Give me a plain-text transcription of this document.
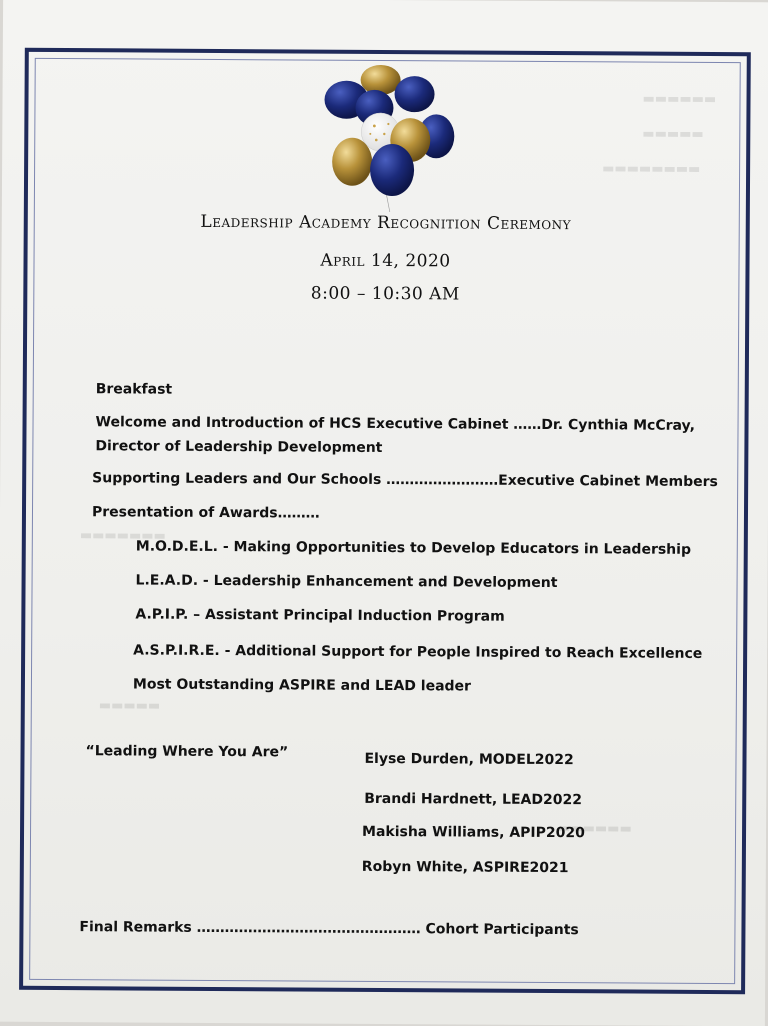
▬▬▬▬▬▬
▬▬▬▬▬
▬▬▬▬▬▬▬▬
▬▬▬▬▬▬▬
▬▬▬▬▬
▬▬▬▬▬▬
Leadership Academy Recognition Ceremony
April 14, 2020
8:00 – 10:30 AM
Breakfast
Welcome and Introduction of HCS Executive Cabinet ……Dr. Cynthia McCray,
Director of Leadership Development
Supporting Leaders and Our Schools ……………………Executive Cabinet Members
Presentation of Awards………
M.O.D.E.L. - Making Opportunities to Develop Educators in Leadership
L.E.A.D. - Leadership Enhancement and Development
A.P.I.P. – Assistant Principal Induction Program
A.S.P.I.R.E. - Additional Support for People Inspired to Reach Excellence
Most Outstanding ASPIRE and LEAD leader
“Leading Where You Are”	Elyse Durden, MODEL2022
Brandi Hardnett, LEAD2022
Makisha Williams, APIP2020
Robyn White, ASPIRE2021
Final Remarks ………………………………………… Cohort Participants
